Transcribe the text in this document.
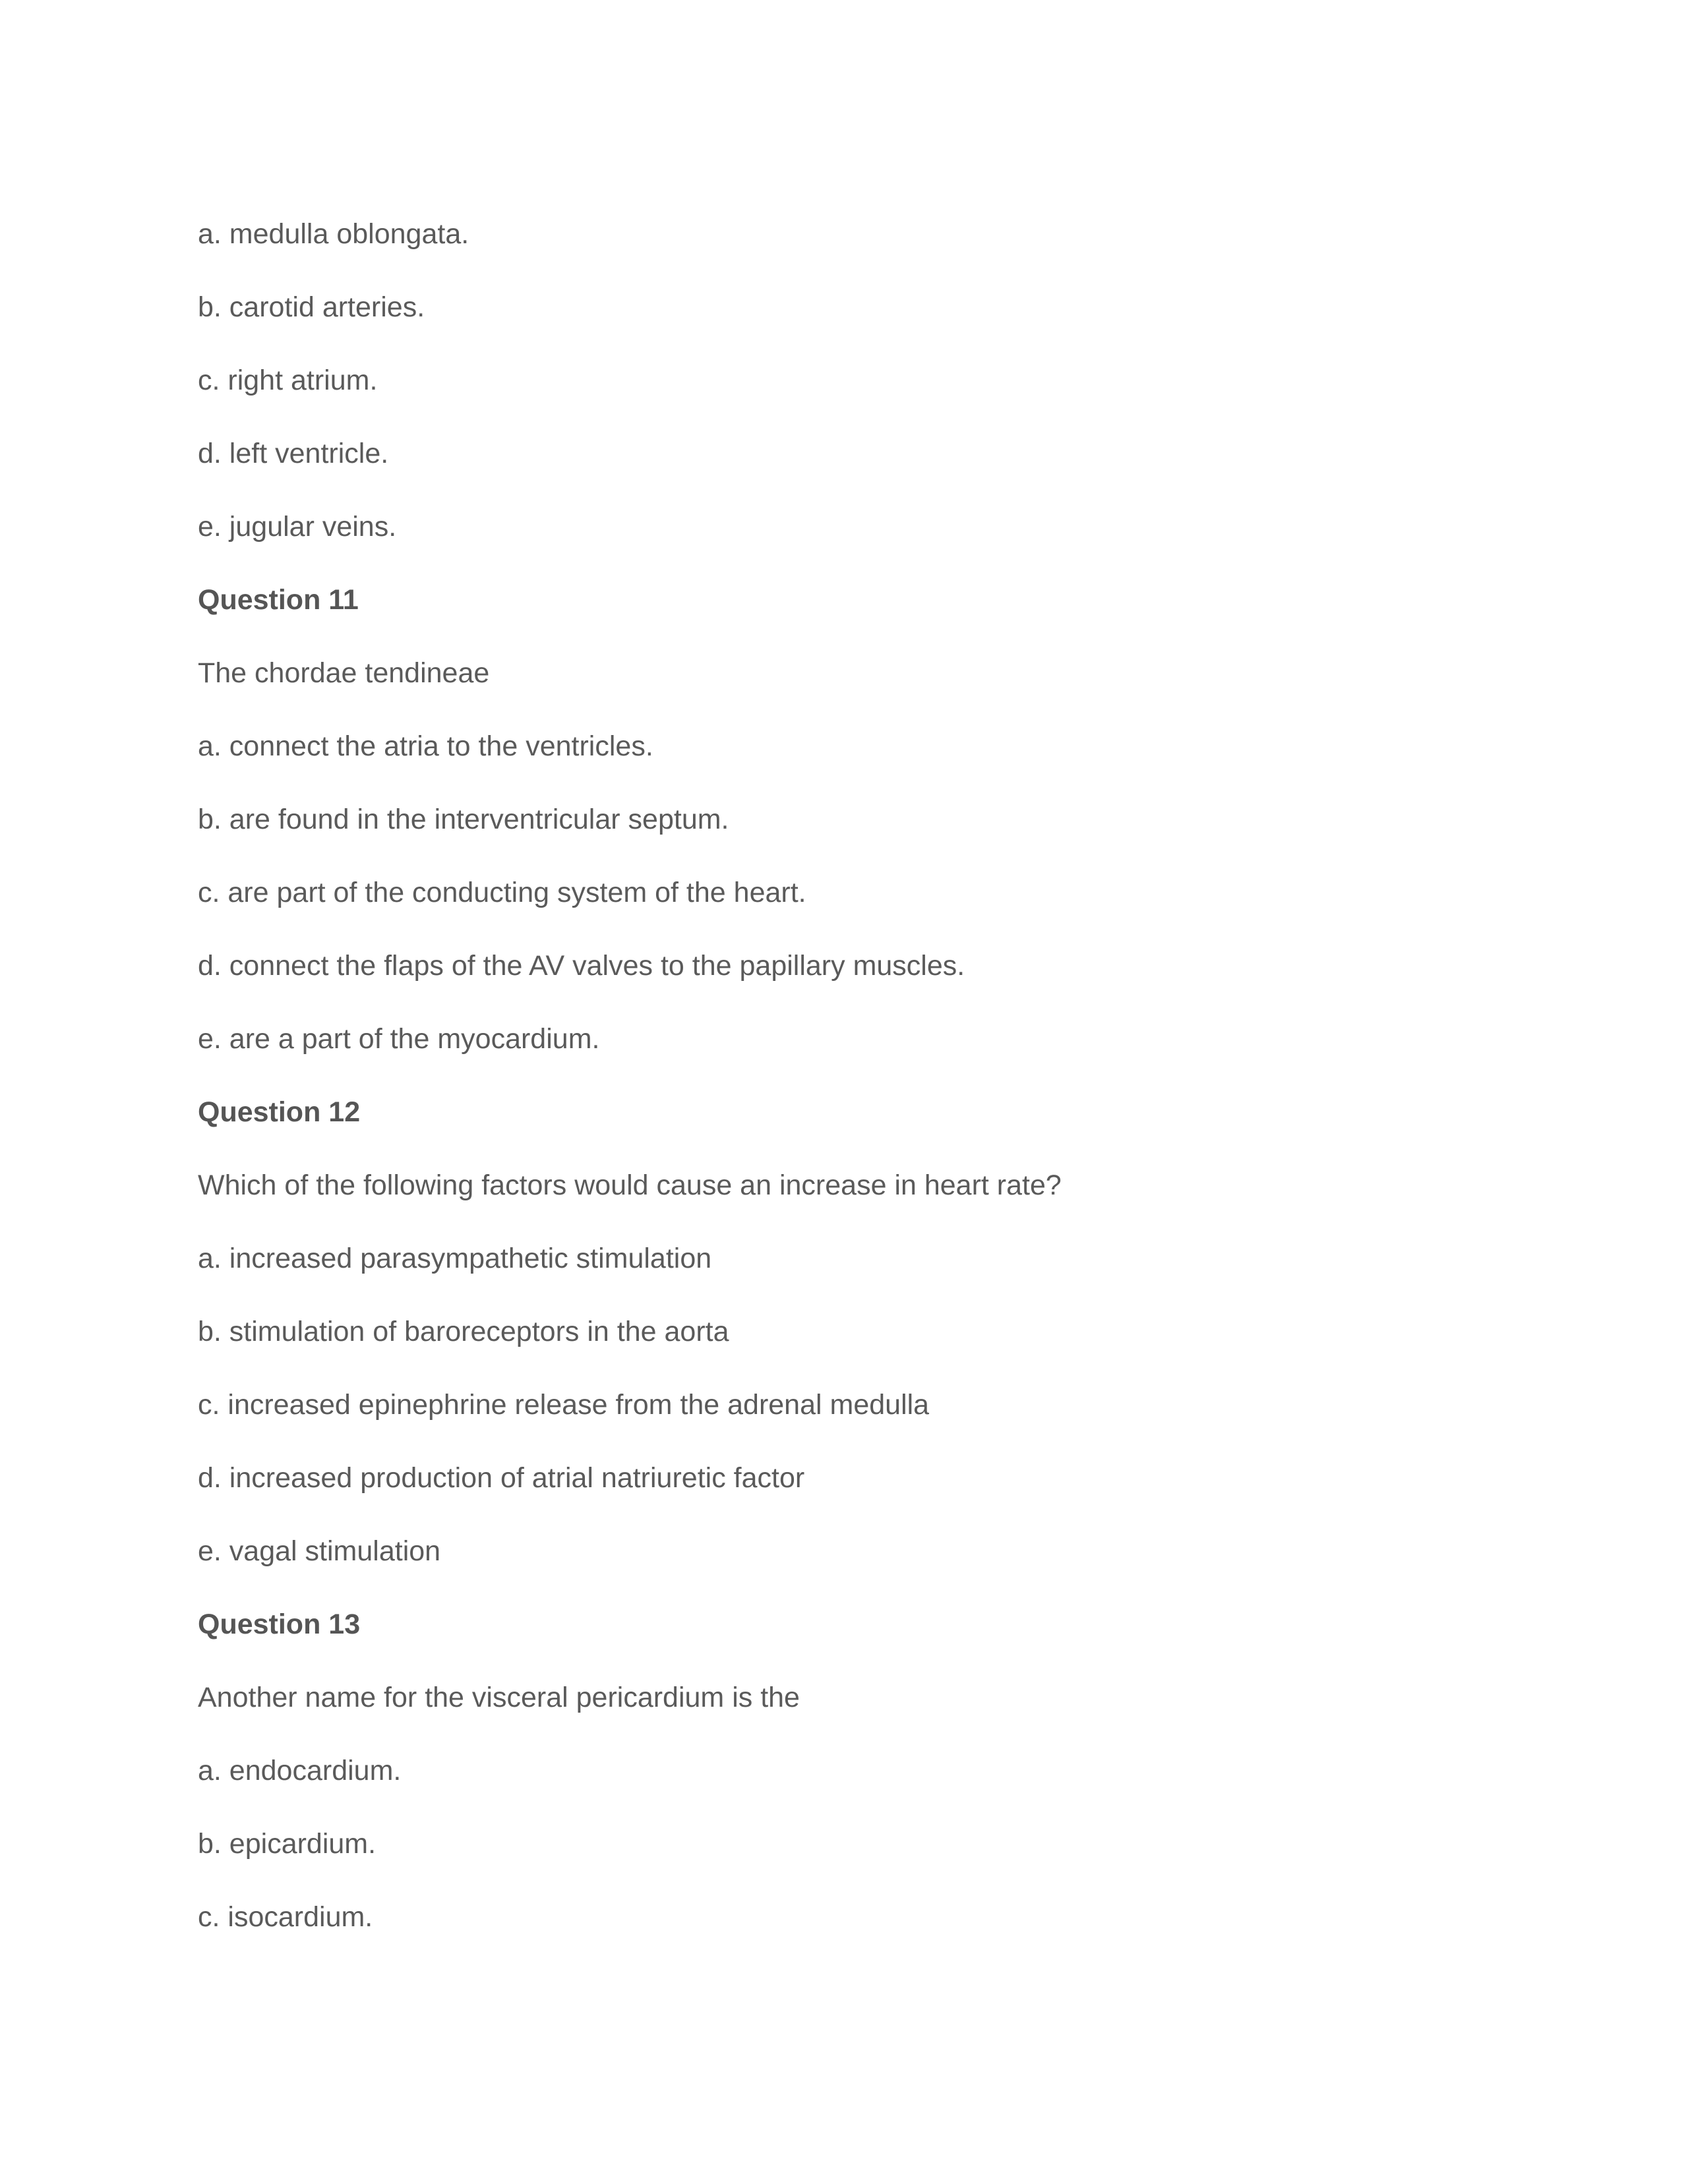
a. medulla oblongata.
b. carotid arteries.
c. right atrium.
d. left ventricle.
e. jugular veins.
Question 11
The chordae tendineae
a. connect the atria to the ventricles.
b. are found in the interventricular septum.
c. are part of the conducting system of the heart.
d. connect the flaps of the AV valves to the papillary muscles.
e. are a part of the myocardium.
Question 12
Which of the following factors would cause an increase in heart rate?
a. increased parasympathetic stimulation
b. stimulation of baroreceptors in the aorta
c. increased epinephrine release from the adrenal medulla
d. increased production of atrial natriuretic factor
e. vagal stimulation
Question 13
Another name for the visceral pericardium is the
a. endocardium.
b. epicardium.
c. isocardium.
